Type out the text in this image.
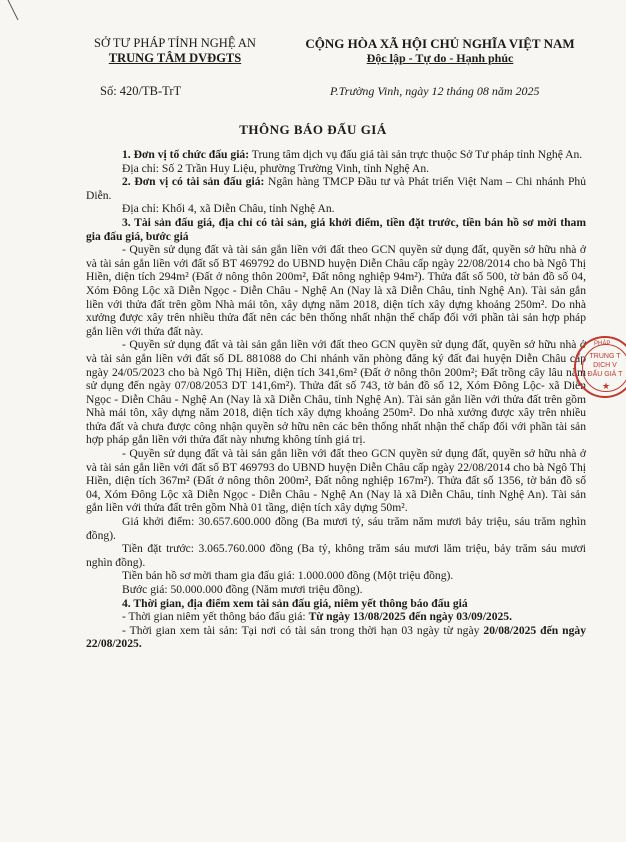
SỞ TƯ PHÁP TỈNH NGHỆ AN
TRUNG TÂM DVĐGTS
CỘNG HÒA XÃ HỘI CHỦ NGHĨA VIỆT NAM
Độc lập - Tự do - Hạnh phúc
Số: 420/TB-TrT	P.Trường Vinh, ngày 12 tháng 08 năm 2025
THÔNG BÁO ĐẤU GIÁ

1. Đơn vị tổ chức đấu giá: Trung tâm dịch vụ đấu giá tài sản trực thuộc Sở Tư pháp tỉnh Nghệ An.

Địa chỉ: Số 2 Trần Huy Liệu, phường Trường Vinh, tỉnh Nghệ An.

2. Đơn vị có tài sản đấu giá: Ngân hàng TMCP Đầu tư và Phát triển Việt Nam – Chi nhánh Phủ Diễn.

Địa chỉ: Khối 4, xã Diễn Châu, tỉnh Nghệ An.

3. Tài sản đấu giá, địa chỉ có tài sản, giá khởi điểm, tiền đặt trước, tiền bán hồ sơ mời tham gia đấu giá, bước giá

- Quyền sử dụng đất và tài sản gắn liền với đất theo GCN quyền sử dụng đất, quyền sở hữu nhà ở và tài sản gắn liền với đất số BT 469792 do UBND huyện Diễn Châu cấp ngày 22/08/2014 cho bà Ngô Thị Hiền, diện tích 294m² (Đất ở nông thôn 200m², Đất nông nghiệp 94m²). Thửa đất số 500, tờ bản đồ số 04, Xóm Đông Lộc xã Diễn Ngọc - Diễn Châu - Nghệ An (Nay là xã Diễn Châu, tỉnh Nghệ An). Tài sản gắn liền với thửa đất trên gồm Nhà mái tôn, xây dựng năm 2018, diện tích xây dựng khoảng 250m². Do nhà xưởng được xây trên nhiều thửa đất nên các bên thống nhất nhận thế chấp đối với phần tài sản hợp pháp gắn liền với thửa đất này.

- Quyền sử dụng đất và tài sản gắn liền với đất theo GCN quyền sử dụng đất, quyền sở hữu nhà ở và tài sản gắn liền với đất số DL 881088 do Chi nhánh văn phòng đăng ký đất đai huyện Diễn Châu cấp ngày 24/05/2023 cho bà Ngô Thị Hiền, diện tích 341,6m² (Đất ở nông thôn 200m²; Đất trồng cây lâu năm sử dụng đến ngày 07/08/2053 DT 141,6m²). Thửa đất số 743, tờ bản đồ số 12, Xóm Đông Lộc- xã Diễn Ngọc - Diễn Châu - Nghệ An (Nay là xã Diễn Châu, tỉnh Nghệ An). Tài sản gắn liền với thửa đất trên gồm Nhà mái tôn, xây dựng năm 2018, diện tích xây dựng khoảng 250m². Do nhà xưởng được xây trên nhiều thửa đất và chưa được công nhận quyền sở hữu nên các bên thống nhất nhận thế chấp đối với phần tài sản hợp pháp gắn liền với thửa đất này nhưng không tính giá trị.

- Quyền sử dụng đất và tài sản gắn liền với đất theo GCN quyền sử dụng đất, quyền sở hữu nhà ở và tài sản gắn liền với đất số BT 469793 do UBND huyện Diễn Châu cấp ngày 22/08/2014 cho bà Ngô Thị Hiền, diện tích 367m² (Đất ở nông thôn 200m², Đất nông nghiệp 167m²). Thửa đất số 1356, tờ bản đồ số 04, Xóm Đông Lộc xã Diễn Ngọc - Diễn Châu - Nghệ An (Nay là xã Diễn Châu, tỉnh Nghệ An). Tài sản gắn liền với thửa đất trên gồm Nhà 01 tầng, diện tích xây dựng 50m².

Giá khởi điểm: 30.657.600.000 đồng (Ba mươi tỷ, sáu trăm năm mươi bảy triệu, sáu trăm nghìn đồng).

Tiền đặt trước: 3.065.760.000 đồng (Ba tỷ, không trăm sáu mươi lăm triệu, bảy trăm sáu mươi nghìn đồng).

Tiền bán hồ sơ mời tham gia đấu giá: 1.000.000 đồng (Một triệu đồng).

Bước giá: 50.000.000 đồng (Năm mươi triệu đồng).

4. Thời gian, địa điểm xem tài sản đấu giá, niêm yết thông báo đấu giá

- Thời gian niêm yết thông báo đấu giá: Từ ngày 13/08/2025 đến ngày 03/09/2025.

- Thời gian xem tài sản: Tại nơi có tài sản trong thời hạn 03 ngày từ ngày 20/08/2025 đến ngày 22/08/2025.

PHÁP
TRUNG T
DỊCH V
ĐẤU GIÁ T
★
